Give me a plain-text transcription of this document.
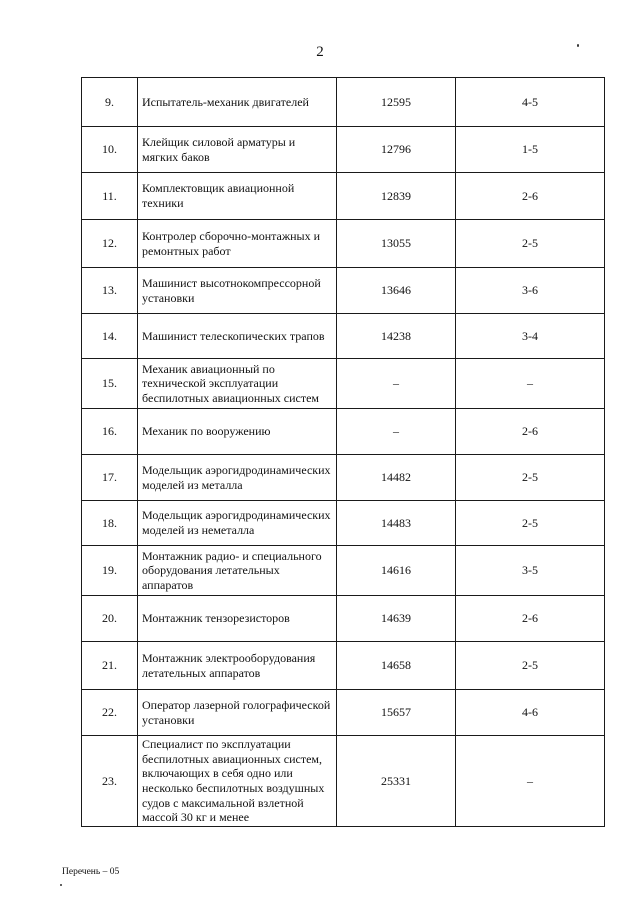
2
9.	Испытатель-механик двигателей	12595	4-5
10.	Клейщик силовой арматуры и мягких баков	12796	1-5
11.	Комплектовщик авиационной техники	12839	2-6
12.	Контролер сборочно-монтажных и ремонтных работ	13055	2-5
13.	Машинист высотнокомпрессорной установки	13646	3-6
14.	Машинист телескопических трапов	14238	3-4
15.	Механик авиационный по технической эксплуатации беспилотных авиационных систем	–	–
16.	Механик по вооружению	–	2-6
17.	Модельщик аэрогидродинамических моделей из металла	14482	2-5
18.	Модельщик аэрогидродинамических моделей из неметалла	14483	2-5
19.	Монтажник радио- и специального оборудования летательных аппаратов	14616	3-5
20.	Монтажник тензорезисторов	14639	2-6
21.	Монтажник электрооборудования летательных аппаратов	14658	2-5
22.	Оператор лазерной голографической установки	15657	4-6
23.	Специалист по эксплуатации беспилотных авиационных систем, включающих в себя одно или несколько беспилотных воздушных судов с максимальной взлетной массой 30 кг и менее	25331	–
Перечень – 05
